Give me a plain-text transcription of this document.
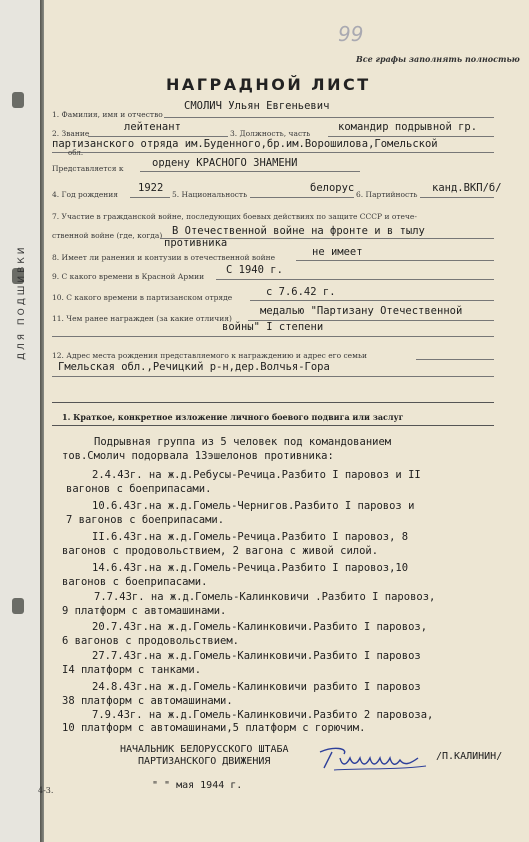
99
Все графы заполнять полностью
НАГРАДНОЙ ЛИСТ
1. Фамилия, имя и отчество
СМОЛИЧ Ульян Евгеньевич
2. Звание
лейтенант
3. Должность, часть
командир подрывной гр.
партизанского отряда им.Буденного,бр.им.Ворошилова,Гомельской
обл.
Представляется к	ордену КРАСНОГО ЗНАМЕНИ
4. Год рождения
1922
5. Национальность
белорус
6. Партийность
канд.ВКП/б/
7. Участие в гражданской войне, последующих боевых действиях по защите СССР и отече-
ственной войне (где, когда) В Отечественной войне на фронте и в тылу
противника
8. Имеет ли ранения и контузии в отечественной войне	не имеет
9. С какого времени в Красной Армии
С 1940 г.
10. С какого времени в партизанском отряде	с 7.6.42 г.
11. Чем ранее награжден (за какие отличия)
медалью "Партизану Отечественной
войны" I степени
12. Адрес места рождения представляемого к награждению и адрес его семьи
Гмельская обл.,Речицкий р-н,дер.Волчья-Гора
1. Краткое, конкретное изложение личного боевого подвига или заслуг
Подрывная группа из 5 человек под командованием
тов.Смолич подорвала 13эшелонов противника:
2.4.43г. на ж.д.Ребусы-Речица.Разбито I паровоз и II
вагонов с боеприпасами.
10.6.43г.на ж.д.Гомель-Чернигов.Разбито I паровоз и
7 вагонов с боеприпасами.
II.6.43г.на ж.д.Гомель-Речица.Разбито I паровоз, 8
вагонов с продовольствием, 2 вагона с живой силой.
14.6.43г.на ж.д.Гомель-Речица.Разбито I паровоз,10
вагонов с боеприпасами.
7.7.43г. на ж.д.Гомель-Калинковичи .Разбито I паровоз,
9 платформ с автомашинами.
20.7.43г.на ж.д.Гомель-Калинковичи.Разбито I паровоз,
6 вагонов с продовольствием.
27.7.43г.на ж.д.Гомель-Калинковичи.Разбито I паровоз
I4 платформ с танками.
24.8.43г.на ж.д.Гомель-Калинковичи разбито I паровоз
38 платформ с автомашинами.
7.9.43г. на ж.д.Гомель-Калинковичи.Разбито 2 паровоза,
10 платформ с автомашинами,5 платформ с горючим.
НАЧАЛЬНИК БЕЛОРУССКОГО ШТАБА
ПАРТИЗАНСКОГО ДВИЖЕНИЯ	/П.КАЛИНИН/
" " мая 1944 г.
ДЛЯ ПОДШИВКИ
4-3.
